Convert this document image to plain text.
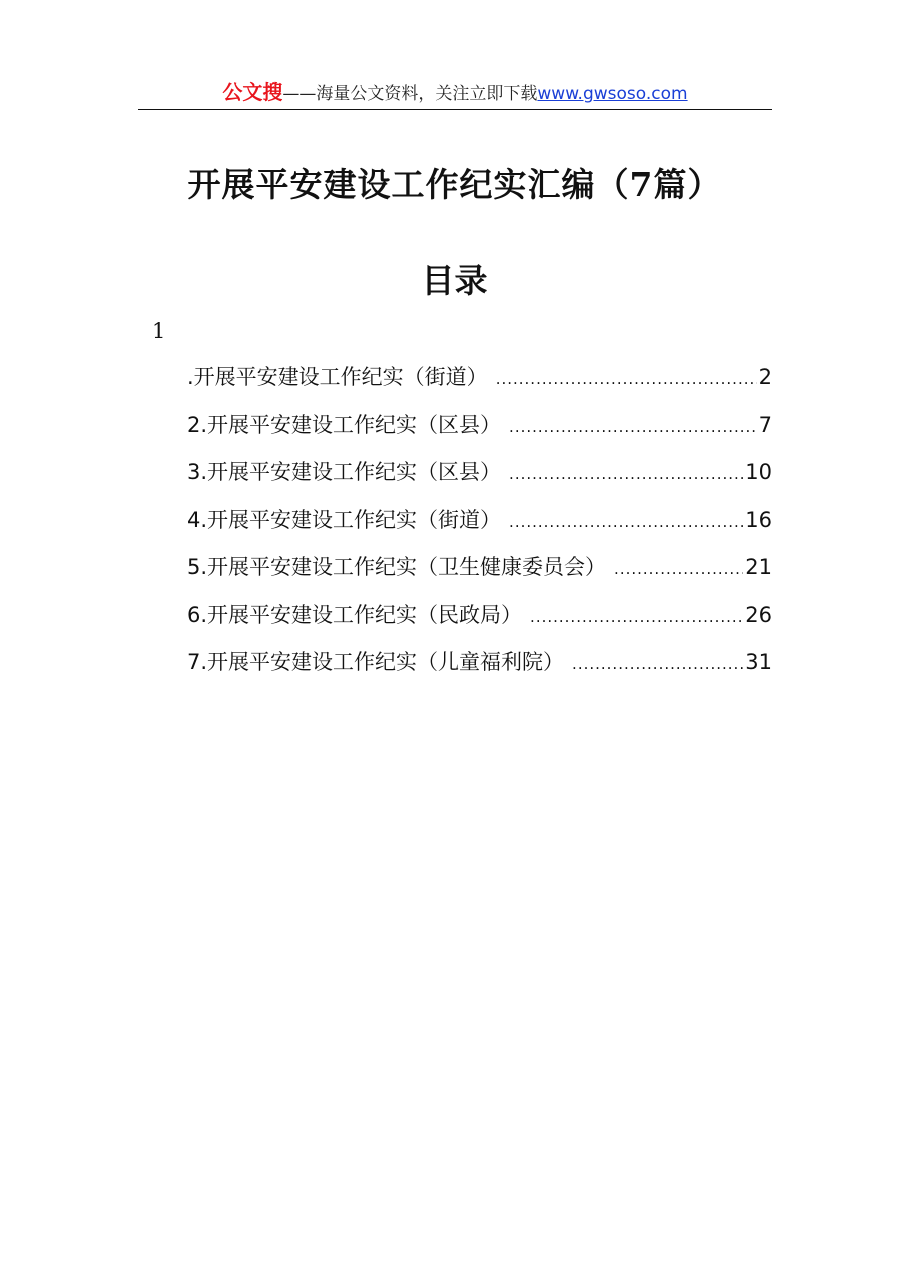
公文搜——海量公文资料，关注立即下载www.gwsoso.com
开展平安建设工作纪实汇编（7篇）
目录
1
.开展平安建设工作纪实（街道） .....	2
2.开展平安建设工作纪实（区县） .....	7
3.开展平安建设工作纪实（区县） .....	10
4.开展平安建设工作纪实（街道） .....	16
5.开展平安建设工作纪实（卫生健康委员会） .....	21
6.开展平安建设工作纪实（民政局） .....	26
7.开展平安建设工作纪实（儿童福利院） .....	31
